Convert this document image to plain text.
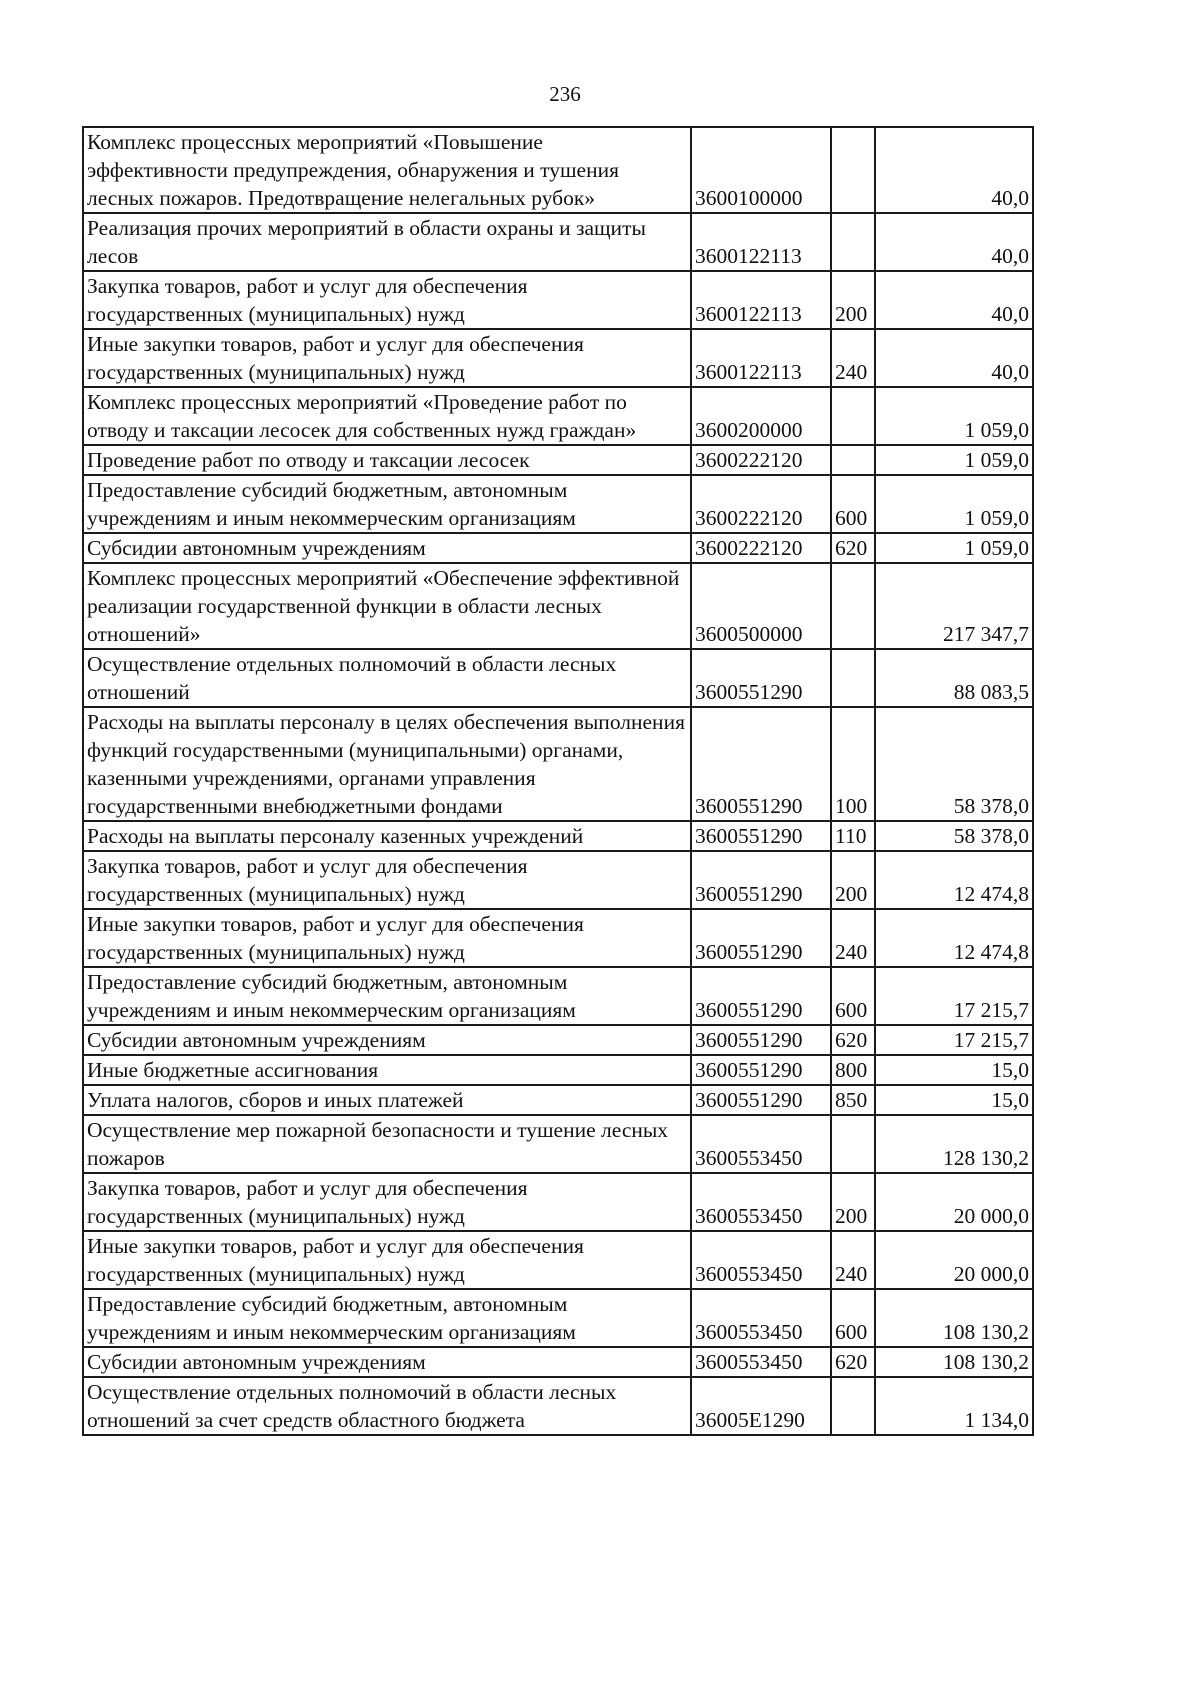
236
Комплекс процессных мероприятий «Повышение эффективности предупреждения, обнаружения и тушения лесных пожаров. Предотвращение нелегальных рубок»	3600100000		40,0
Реализация прочих мероприятий в области охраны и защиты лесов	3600122113		40,0
Закупка товаров, работ и услуг для обеспечения государственных (муниципальных) нужд	3600122113	200	40,0
Иные закупки товаров, работ и услуг для обеспечения государственных (муниципальных) нужд	3600122113	240	40,0
Комплекс процессных мероприятий «Проведение работ по отводу и таксации лесосек для собственных нужд граждан»	3600200000		1 059,0
Проведение работ по отводу и таксации лесосек	3600222120		1 059,0
Предоставление субсидий бюджетным, автономным учреждениям и иным некоммерческим организациям	3600222120	600	1 059,0
Субсидии автономным учреждениям	3600222120	620	1 059,0
Комплекс процессных мероприятий «Обеспечение эффективной реализации государственной функции в области лесных отношений»	3600500000		217 347,7
Осуществление отдельных полномочий в области лесных отношений	3600551290		88 083,5
Расходы на выплаты персоналу в целях обеспечения выполнения функций государственными (муниципальными) органами, казенными учреждениями, органами управления государственными внебюджетными фондами	3600551290	100	58 378,0
Расходы на выплаты персоналу казенных учреждений	3600551290	110	58 378,0
Закупка товаров, работ и услуг для обеспечения государственных (муниципальных) нужд	3600551290	200	12 474,8
Иные закупки товаров, работ и услуг для обеспечения государственных (муниципальных) нужд	3600551290	240	12 474,8
Предоставление субсидий бюджетным, автономным учреждениям и иным некоммерческим организациям	3600551290	600	17 215,7
Субсидии автономным учреждениям	3600551290	620	17 215,7
Иные бюджетные ассигнования	3600551290	800	15,0
Уплата налогов, сборов и иных платежей	3600551290	850	15,0
Осуществление мер пожарной безопасности и тушение лесных пожаров	3600553450		128 130,2
Закупка товаров, работ и услуг для обеспечения государственных (муниципальных) нужд	3600553450	200	20 000,0
Иные закупки товаров, работ и услуг для обеспечения государственных (муниципальных) нужд	3600553450	240	20 000,0
Предоставление субсидий бюджетным, автономным учреждениям и иным некоммерческим организациям	3600553450	600	108 130,2
Субсидии автономным учреждениям	3600553450	620	108 130,2
Осуществление отдельных полномочий в области лесных отношений за счет средств областного бюджета	36005E1290		1 134,0
